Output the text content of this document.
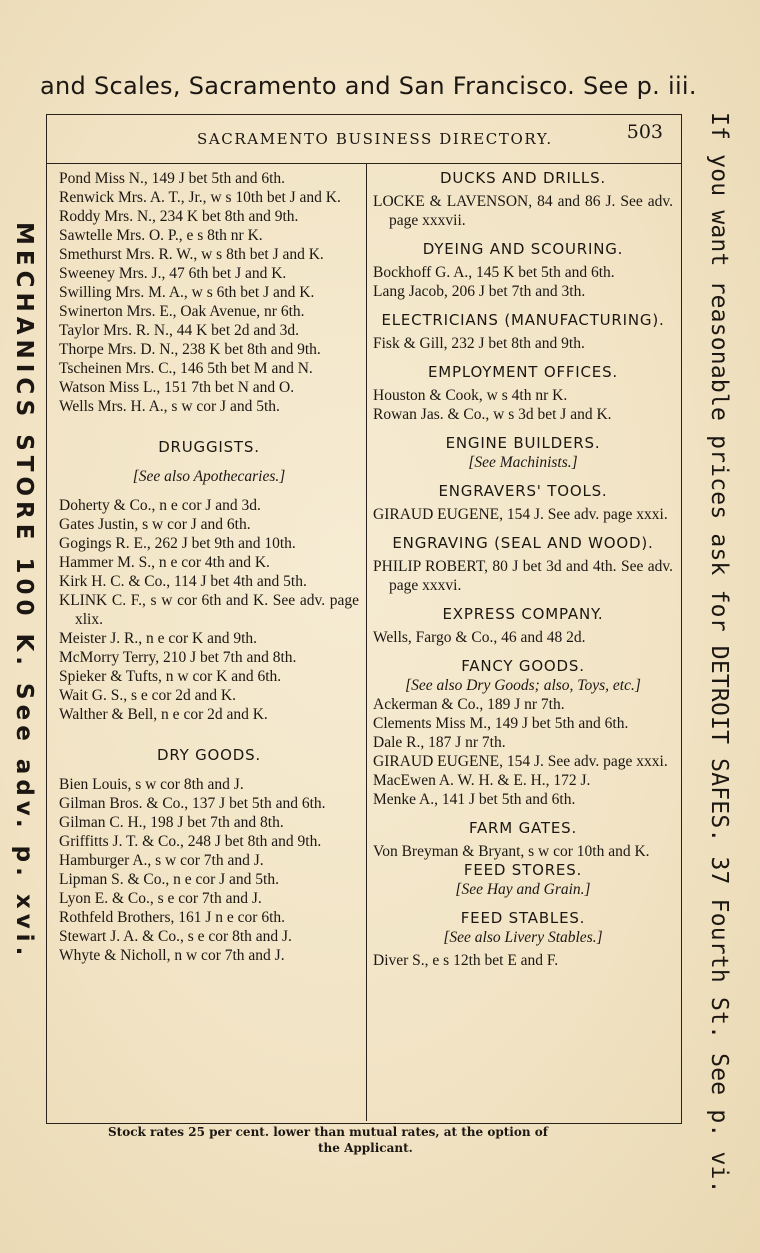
and Scales, Sacramento and San Francisco. See p. iii.
MECHANICS STORE 100 K. See adv. p. xvi.	If you want reasonable prices ask for DETROIT SAFES. 37 Fourth St. See p. vi.
SACRAMENTO BUSINESS DIRECTORY.	503

Pond Miss N., 149 J bet 5th and 6th.

Renwick Mrs. A. T., Jr., w s 10th bet J and K.

Roddy Mrs. N., 234 K bet 8th and 9th.

Sawtelle Mrs. O. P., e s 8th nr K.

Smethurst Mrs. R. W., w s 8th bet J and K.

Sweeney Mrs. J., 47 6th bet J and K.

Swilling Mrs. M. A., w s 6th bet J and K.

Swinerton Mrs. E., Oak Avenue, nr 6th.

Taylor Mrs. R. N., 44 K bet 2d and 3d.

Thorpe Mrs. D. N., 238 K bet 8th and 9th.

Tscheinen Mrs. C., 146 5th bet M and N.

Watson Miss L., 151 7th bet N and O.

Wells Mrs. H. A., s w cor J and 5th.

DRUGGISTS.

[See also Apothecaries.]

Doherty & Co., n e cor J and 3d.

Gates Justin, s w cor J and 6th.

Gogings R. E., 262 J bet 9th and 10th.

Hammer M. S., n e cor 4th and K.

Kirk H. C. & Co., 114 J bet 4th and 5th.

KLINK C. F., s w cor 6th and K. See adv. page xlix.

Meister J. R., n e cor K and 9th.

McMorry Terry, 210 J bet 7th and 8th.

Spieker & Tufts, n w cor K and 6th.

Wait G. S., s e cor 2d and K.

Walther & Bell, n e cor 2d and K.

DRY GOODS.

Bien Louis, s w cor 8th and J.

Gilman Bros. & Co., 137 J bet 5th and 6th.

Gilman C. H., 198 J bet 7th and 8th.

Griffitts J. T. & Co., 248 J bet 8th and 9th.

Hamburger A., s w cor 7th and J.

Lipman S. & Co., n e cor J and 5th.

Lyon E. & Co., s e cor 7th and J.

Rothfeld Brothers, 161 J n e cor 6th.

Stewart J. A. & Co., s e cor 8th and J.

Whyte & Nicholl, n w cor 7th and J.

DUCKS AND DRILLS.

LOCKE & LAVENSON, 84 and 86 J. See adv. page xxxvii.

DYEING AND SCOURING.

Bockhoff G. A., 145 K bet 5th and 6th.

Lang Jacob, 206 J bet 7th and 3th.

ELECTRICIANS (MANUFACTURING).

Fisk & Gill, 232 J bet 8th and 9th.

EMPLOYMENT OFFICES.

Houston & Cook, w s 4th nr K.

Rowan Jas. & Co., w s 3d bet J and K.

ENGINE BUILDERS.

[See Machinists.]

ENGRAVERS' TOOLS.

GIRAUD EUGENE, 154 J. See adv. page xxxi.

ENGRAVING (SEAL AND WOOD).

PHILIP ROBERT, 80 J bet 3d and 4th. See adv. page xxxvi.

EXPRESS COMPANY.

Wells, Fargo & Co., 46 and 48 2d.

FANCY GOODS.

[See also Dry Goods; also, Toys, etc.]

Ackerman & Co., 189 J nr 7th.

Clements Miss M., 149 J bet 5th and 6th.

Dale R., 187 J nr 7th.

GIRAUD EUGENE, 154 J. See adv. page xxxi.

MacEwen A. W. H. & E. H., 172 J.

Menke A., 141 J bet 5th and 6th.

FARM GATES.

Von Breyman & Bryant, s w cor 10th and K.

FEED STORES.

[See Hay and Grain.]

FEED STABLES.

[See also Livery Stables.]

Diver S., e s 12th bet E and F.

Stock rates 25 per cent. lower than mutual rates, at the option of
the Applicant.
